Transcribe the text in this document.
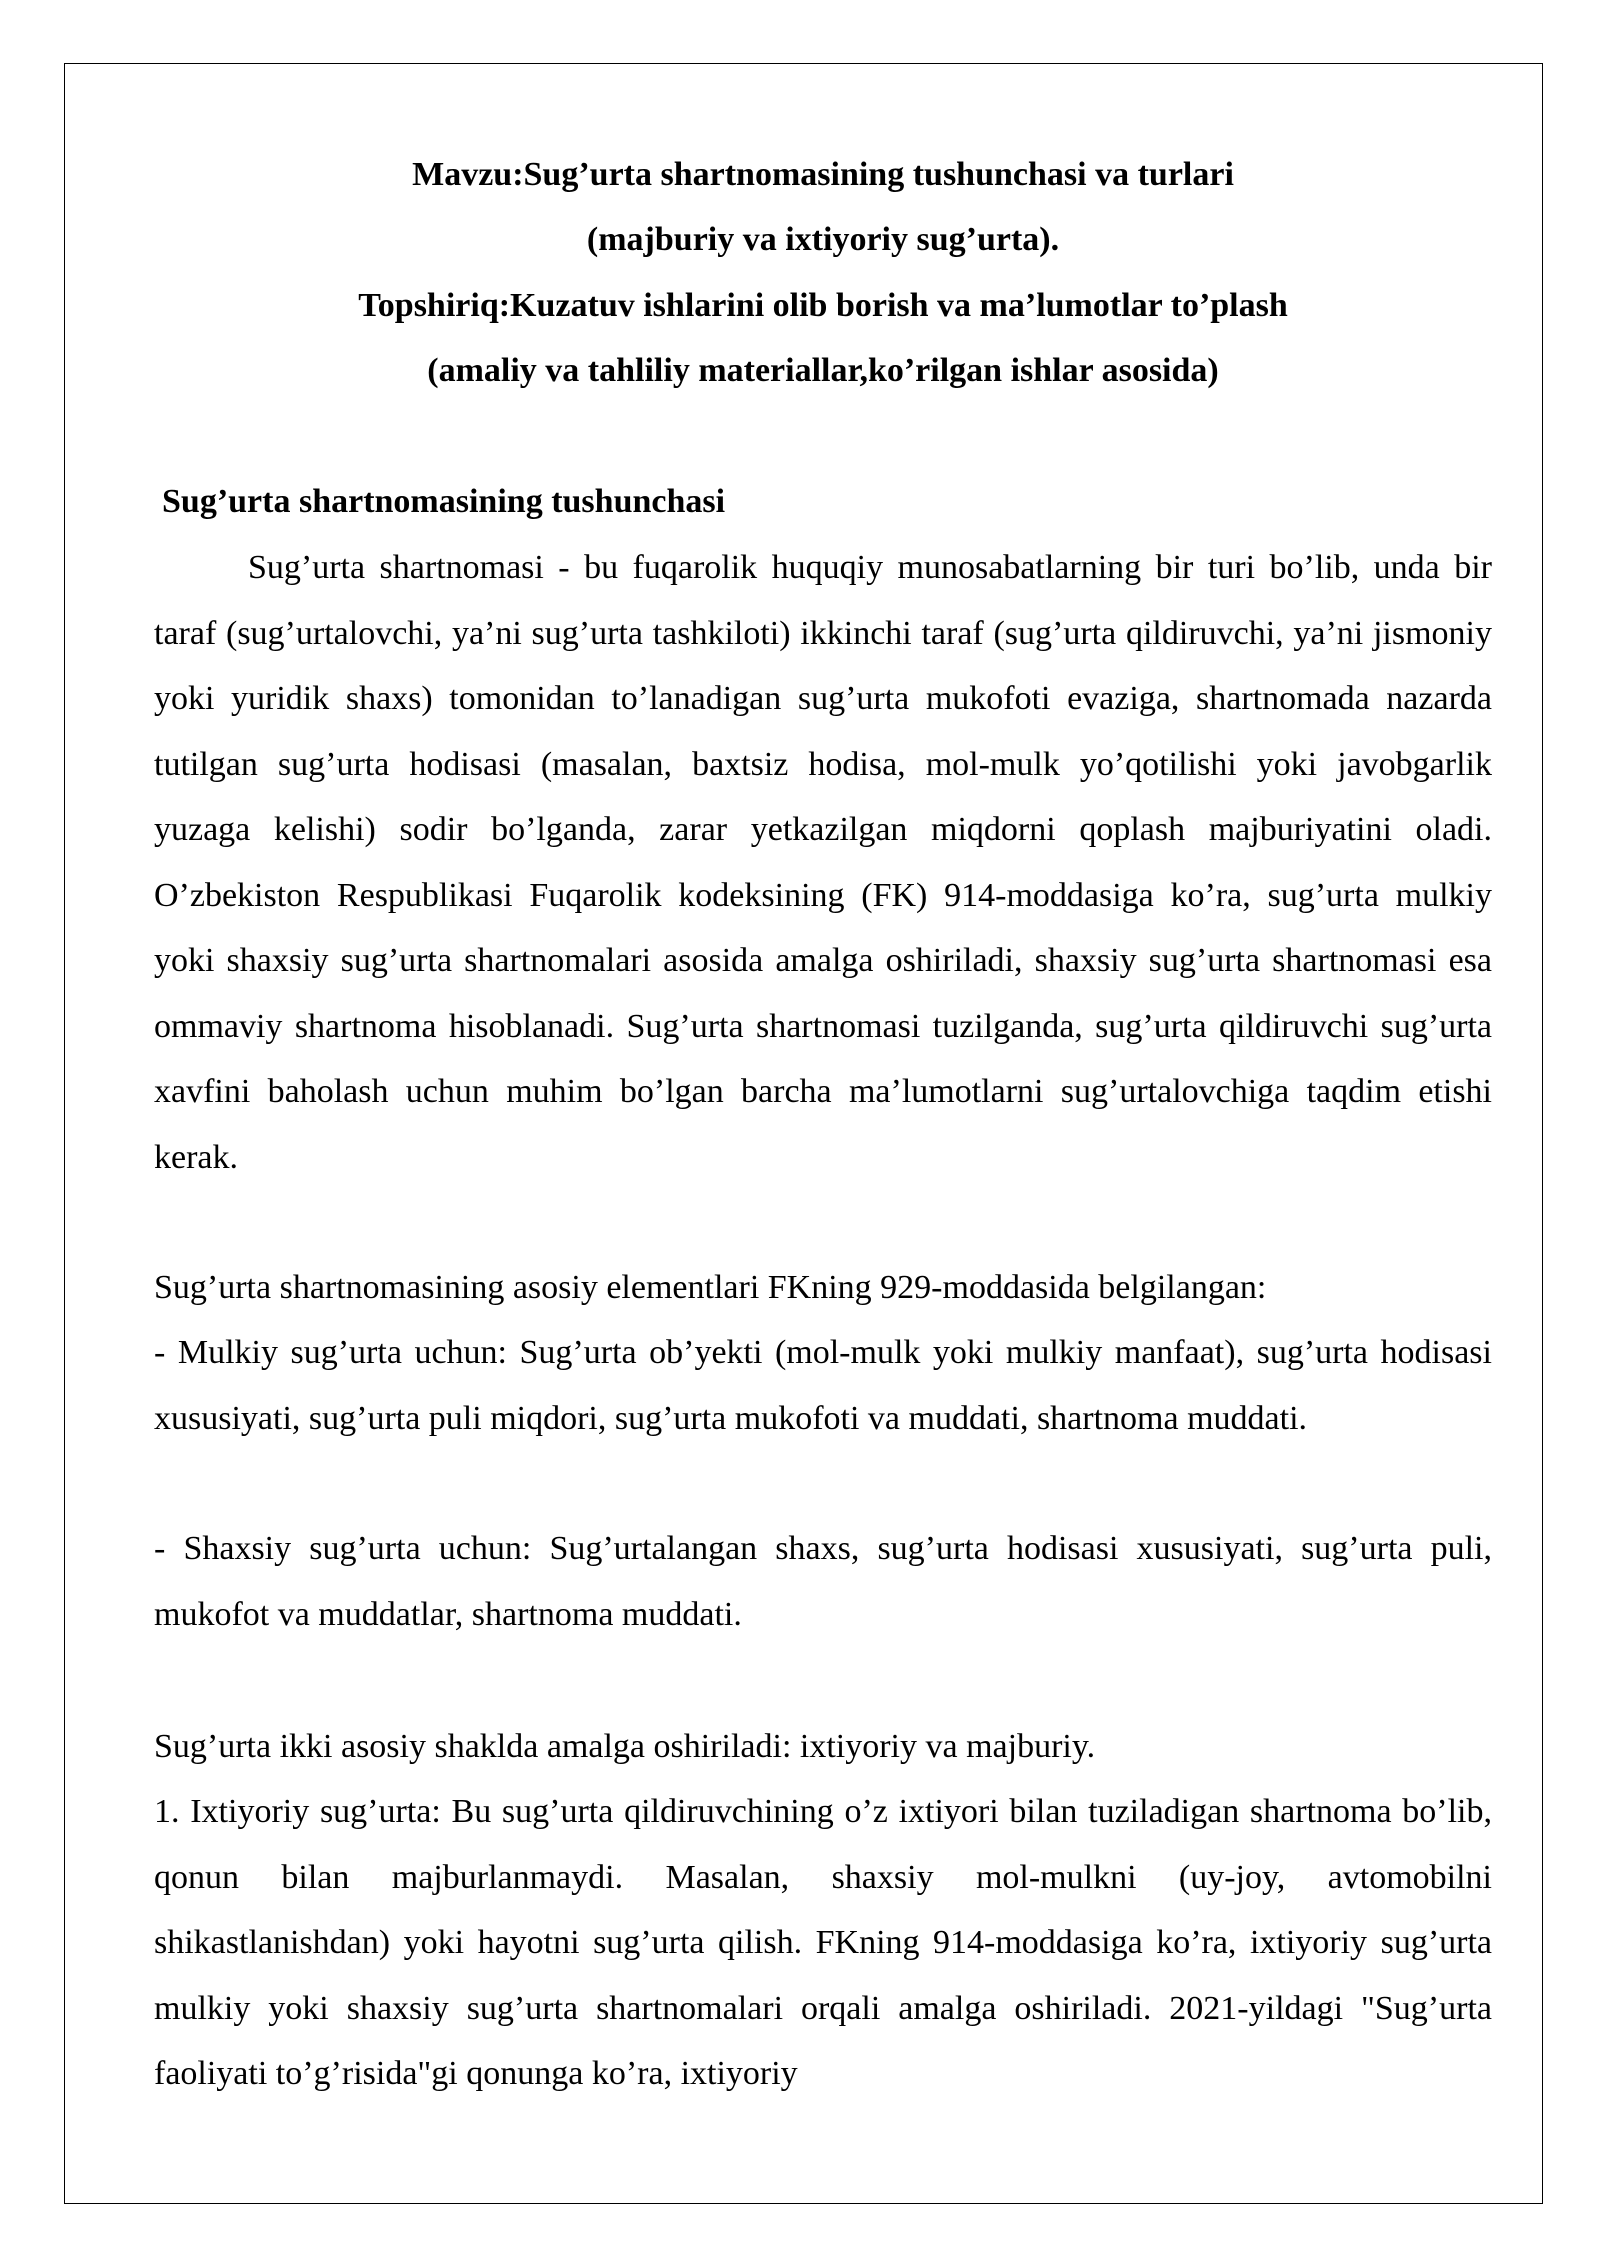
Mavzu:Sug’urta shartnomasining tushunchasi va turlari
(majburiy va ixtiyoriy sug’urta).
Topshiriq:Kuzatuv ishlarini olib borish va ma’lumotlar to’plash
(amaliy va tahliliy materiallar,ko’rilgan ishlar asosida)
Sug’urta shartnomasining tushunchasi
Sug’urta shartnomasi - bu fuqarolik huquqiy munosabatlarning bir turi bo’lib, unda bir taraf (sug’urtalovchi, ya’ni sug’urta tashkiloti) ikkinchi taraf (sug’urta qildiruvchi, ya’ni jismoniy yoki yuridik shaxs) tomonidan to’lanadigan sug’urta mukofoti evaziga, shartnomada nazarda tutilgan sug’urta hodisasi (masalan, baxtsiz hodisa, mol-mulk yo’qotilishi yoki javobgarlik yuzaga kelishi) sodir bo’lganda, zarar yetkazilgan miqdorni qoplash majburiyatini oladi. O’zbekiston Respublikasi Fuqarolik kodeksining (FK) 914-moddasiga ko’ra, sug’urta mulkiy yoki shaxsiy sug’urta shartnomalari asosida amalga oshiriladi, shaxsiy sug’urta shartnomasi esa ommaviy shartnoma hisoblanadi. Sug’urta shartnomasi tuzilganda, sug’urta qildiruvchi sug’urta xavfini baholash uchun muhim bo’lgan barcha ma’lumotlarni sug’urtalovchiga taqdim etishi kerak.
Sug’urta shartnomasining asosiy elementlari FKning 929-moddasida belgilangan:
- Mulkiy sug’urta uchun: Sug’urta ob’yekti (mol-mulk yoki mulkiy manfaat), sug’urta hodisasi xususiyati, sug’urta puli miqdori, sug’urta mukofoti va muddati, shartnoma muddati.
- Shaxsiy sug’urta uchun: Sug’urtalangan shaxs, sug’urta hodisasi xususiyati, sug’urta puli, mukofot va muddatlar, shartnoma muddati.
Sug’urta ikki asosiy shaklda amalga oshiriladi: ixtiyoriy va majburiy.
1. Ixtiyoriy sug’urta: Bu sug’urta qildiruvchining o’z ixtiyori bilan tuziladigan shartnoma bo’lib, qonun bilan majburlanmaydi. Masalan, shaxsiy mol-mulkni (uy-joy, avtomobilni shikastlanishdan) yoki hayotni sug’urta qilish. FKning 914-moddasiga ko’ra, ixtiyoriy sug’urta mulkiy yoki shaxsiy sug’urta shartnomalari orqali amalga oshiriladi. 2021-yildagi "Sug’urta faoliyati to’g’risida"gi qonunga ko’ra, ixtiyoriy
